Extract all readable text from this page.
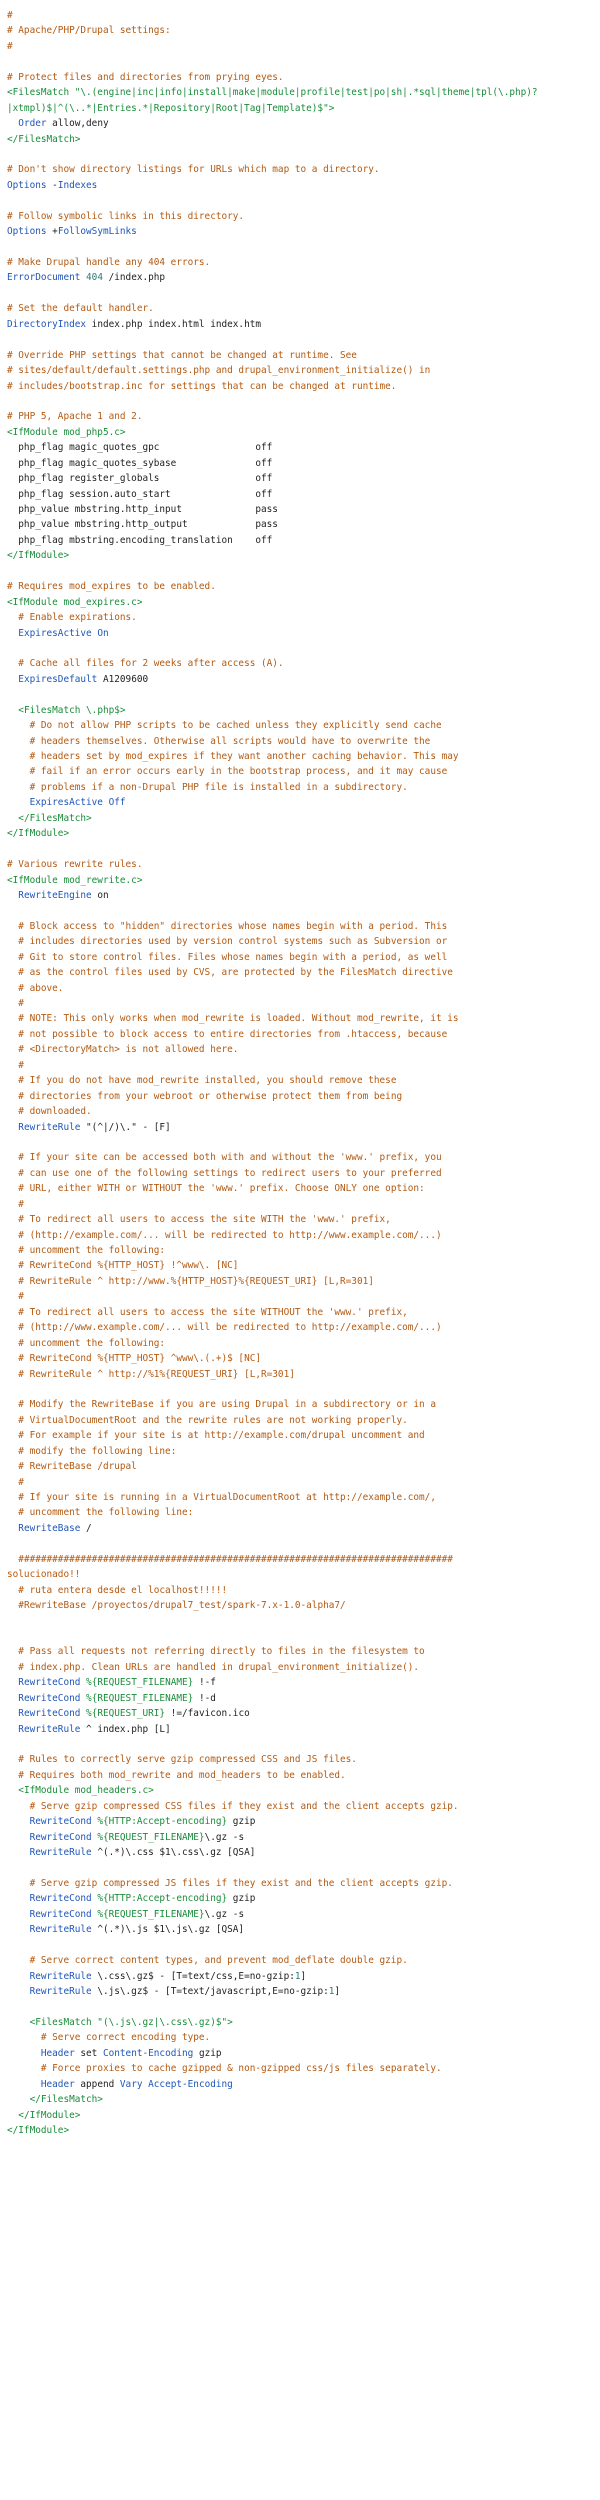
#
# Apache/PHP/Drupal settings:
#
# Protect files and directories from prying eyes.
<FilesMatch "\.(engine|inc|info|install|make|module|profile|test|po|sh|.*sql|theme|tpl(\.php)?
|xtmpl)$|^(\..*|Entries.*|Repository|Root|Tag|Template)$">
Order allow,deny
</FilesMatch>
# Don't show directory listings for URLs which map to a directory.
Options -Indexes
# Follow symbolic links in this directory.
Options +FollowSymLinks
# Make Drupal handle any 404 errors.
ErrorDocument 404 /index.php
# Set the default handler.
DirectoryIndex index.php index.html index.htm
# Override PHP settings that cannot be changed at runtime. See
# sites/default/default.settings.php and drupal_environment_initialize() in
# includes/bootstrap.inc for settings that can be changed at runtime.
# PHP 5, Apache 1 and 2.
<IfModule mod_php5.c>
php_flag magic_quotes_gpc                 off
php_flag magic_quotes_sybase              off
php_flag register_globals                 off
php_flag session.auto_start               off
php_value mbstring.http_input             pass
php_value mbstring.http_output            pass
php_flag mbstring.encoding_translation    off
</IfModule>
# Requires mod_expires to be enabled.
<IfModule mod_expires.c>
# Enable expirations.
ExpiresActive On
# Cache all files for 2 weeks after access (A).
ExpiresDefault A1209600
<FilesMatch \.php$>
# Do not allow PHP scripts to be cached unless they explicitly send cache
# headers themselves. Otherwise all scripts would have to overwrite the
# headers set by mod_expires if they want another caching behavior. This may
# fail if an error occurs early in the bootstrap process, and it may cause
# problems if a non-Drupal PHP file is installed in a subdirectory.
ExpiresActive Off
</FilesMatch>
</IfModule>
# Various rewrite rules.
<IfModule mod_rewrite.c>
RewriteEngine on
# Block access to "hidden" directories whose names begin with a period. This
# includes directories used by version control systems such as Subversion or
# Git to store control files. Files whose names begin with a period, as well
# as the control files used by CVS, are protected by the FilesMatch directive
# above.
#
# NOTE: This only works when mod_rewrite is loaded. Without mod_rewrite, it is
# not possible to block access to entire directories from .htaccess, because
# <DirectoryMatch> is not allowed here.
#
# If you do not have mod_rewrite installed, you should remove these
# directories from your webroot or otherwise protect them from being
# downloaded.
RewriteRule "(^|/)\." - [F]
# If your site can be accessed both with and without the 'www.' prefix, you
# can use one of the following settings to redirect users to your preferred
# URL, either WITH or WITHOUT the 'www.' prefix. Choose ONLY one option:
#
# To redirect all users to access the site WITH the 'www.' prefix,
# (http://example.com/... will be redirected to http://www.example.com/...)
# uncomment the following:
# RewriteCond %{HTTP_HOST} !^www\. [NC]
# RewriteRule ^ http://www.%{HTTP_HOST}%{REQUEST_URI} [L,R=301]
#
# To redirect all users to access the site WITHOUT the 'www.' prefix,
# (http://www.example.com/... will be redirected to http://example.com/...)
# uncomment the following:
# RewriteCond %{HTTP_HOST} ^www\.(.+)$ [NC]
# RewriteRule ^ http://%1%{REQUEST_URI} [L,R=301]
# Modify the RewriteBase if you are using Drupal in a subdirectory or in a
# VirtualDocumentRoot and the rewrite rules are not working properly.
# For example if your site is at http://example.com/drupal uncomment and
# modify the following line:
# RewriteBase /drupal
#
# If your site is running in a VirtualDocumentRoot at http://example.com/,
# uncomment the following line:
RewriteBase /
#############################################################################
solucionado!!
# ruta entera desde el localhost!!!!!
#RewriteBase /proyectos/drupal7_test/spark-7.x-1.0-alpha7/
# Pass all requests not referring directly to files in the filesystem to
# index.php. Clean URLs are handled in drupal_environment_initialize().
RewriteCond %{REQUEST_FILENAME} !-f
RewriteCond %{REQUEST_FILENAME} !-d
RewriteCond %{REQUEST_URI} !=/favicon.ico
RewriteRule ^ index.php [L]
# Rules to correctly serve gzip compressed CSS and JS files.
# Requires both mod_rewrite and mod_headers to be enabled.
<IfModule mod_headers.c>
# Serve gzip compressed CSS files if they exist and the client accepts gzip.
RewriteCond %{HTTP:Accept-encoding} gzip
RewriteCond %{REQUEST_FILENAME}\.gz -s
RewriteRule ^(.*)\.css $1\.css\.gz [QSA]
# Serve gzip compressed JS files if they exist and the client accepts gzip.
RewriteCond %{HTTP:Accept-encoding} gzip
RewriteCond %{REQUEST_FILENAME}\.gz -s
RewriteRule ^(.*)\.js $1\.js\.gz [QSA]
# Serve correct content types, and prevent mod_deflate double gzip.
RewriteRule \.css\.gz$ - [T=text/css,E=no-gzip:1]
RewriteRule \.js\.gz$ - [T=text/javascript,E=no-gzip:1]
<FilesMatch "(\.js\.gz|\.css\.gz)$">
# Serve correct encoding type.
Header set Content-Encoding gzip
# Force proxies to cache gzipped & non-gzipped css/js files separately.
Header append Vary Accept-Encoding
</FilesMatch>
</IfModule>
</IfModule>
